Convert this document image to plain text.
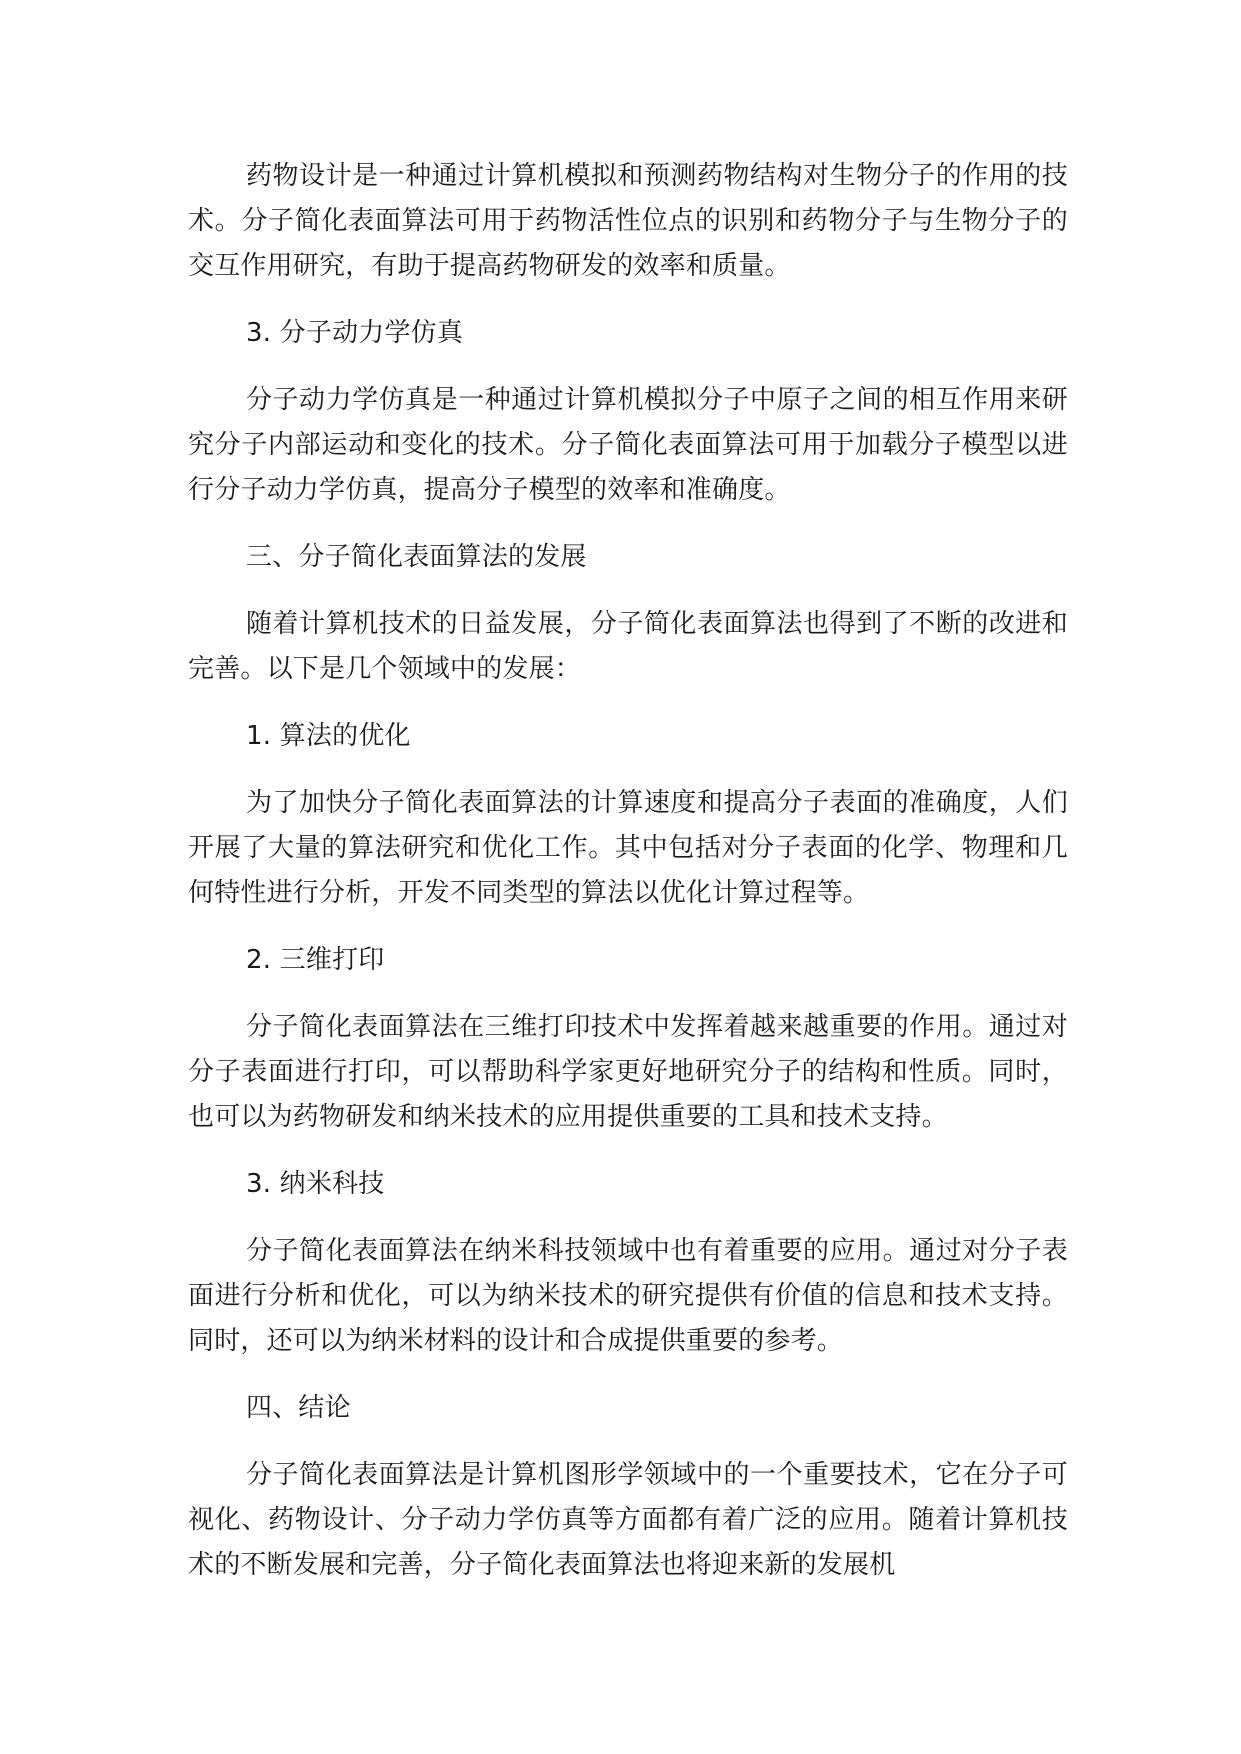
药物设计是一种通过计算机模拟和预测药物结构对生物分子的作用的技术。分子简化表面算法可用于药物活性位点的识别和药物分子与生物分子的交互作用研究，有助于提高药物研发的效率和质量。

3. 分子动力学仿真

分子动力学仿真是一种通过计算机模拟分子中原子之间的相互作用来研究分子内部运动和变化的技术。分子简化表面算法可用于加载分子模型以进行分子动力学仿真，提高分子模型的效率和准确度。

三、分子简化表面算法的发展

随着计算机技术的日益发展，分子简化表面算法也得到了不断的改进和完善。以下是几个领域中的发展：

1. 算法的优化

为了加快分子简化表面算法的计算速度和提高分子表面的准确度，人们开展了大量的算法研究和优化工作。其中包括对分子表面的化学、物理和几何特性进行分析，开发不同类型的算法以优化计算过程等。

2. 三维打印

分子简化表面算法在三维打印技术中发挥着越来越重要的作用。通过对分子表面进行打印，可以帮助科学家更好地研究分子的结构和性质。同时，也可以为药物研发和纳米技术的应用提供重要的工具和技术支持。

3. 纳米科技

分子简化表面算法在纳米科技领域中也有着重要的应用。通过对分子表面进行分析和优化，可以为纳米技术的研究提供有价值的信息和技术支持。同时，还可以为纳米材料的设计和合成提供重要的参考。

四、结论

分子简化表面算法是计算机图形学领域中的一个重要技术，它在分子可视化、药物设计、分子动力学仿真等方面都有着广泛的应用。随着计算机技术的不断发展和完善，分子简化表面算法也将迎来新的发展机
